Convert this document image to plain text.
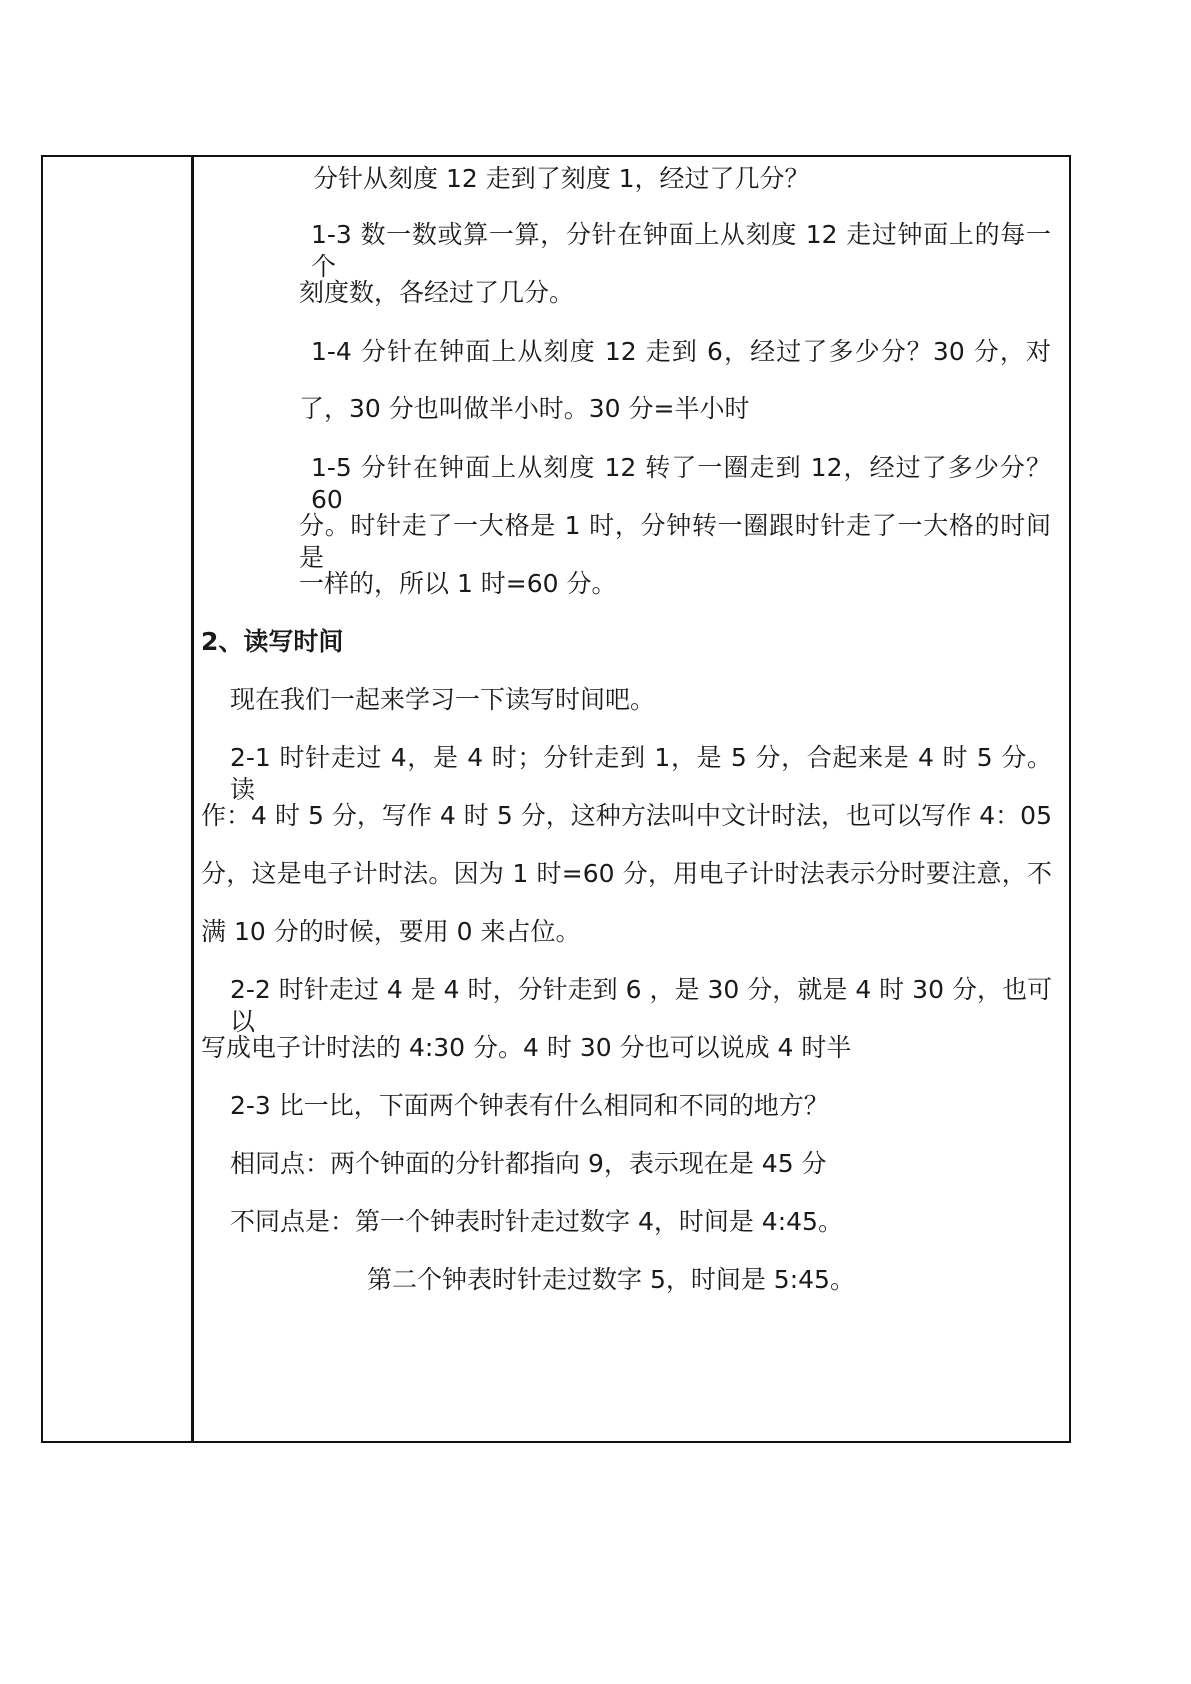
分针从刻度 12 走到了刻度 1，经过了几分？
1-3 数一数或算一算，分针在钟面上从刻度 12 走过钟面上的每一个
刻度数，各经过了几分。
1-4 分针在钟面上从刻度 12 走到 6，经过了多少分？30 分，对
了，30 分也叫做半小时。30 分=半小时
1-5 分针在钟面上从刻度 12 转了一圈走到 12，经过了多少分？60
分。时针走了一大格是 1 时，分钟转一圈跟时针走了一大格的时间是
一样的，所以 1 时=60 分。
2、读写时间
现在我们一起来学习一下读写时间吧。
2-1 时针走过 4，是 4 时；分针走到 1，是 5 分，合起来是 4 时 5 分。读
作：4 时 5 分，写作 4 时 5 分，这种方法叫中文计时法，也可以写作 4：05
分，这是电子计时法。因为 1 时=60 分，用电子计时法表示分时要注意，不
满 10 分的时候，要用 0 来占位。
2-2 时针走过 4 是 4 时，分针走到 6 ，是 30 分，就是 4 时 30 分，也可以
写成电子计时法的 4:30 分。4 时 30 分也可以说成 4 时半
2-3 比一比，下面两个钟表有什么相同和不同的地方？
相同点：两个钟面的分针都指向 9，表示现在是 45 分
不同点是：第一个钟表时针走过数字 4，时间是 4:45。
第二个钟表时针走过数字 5，时间是 5:45。
